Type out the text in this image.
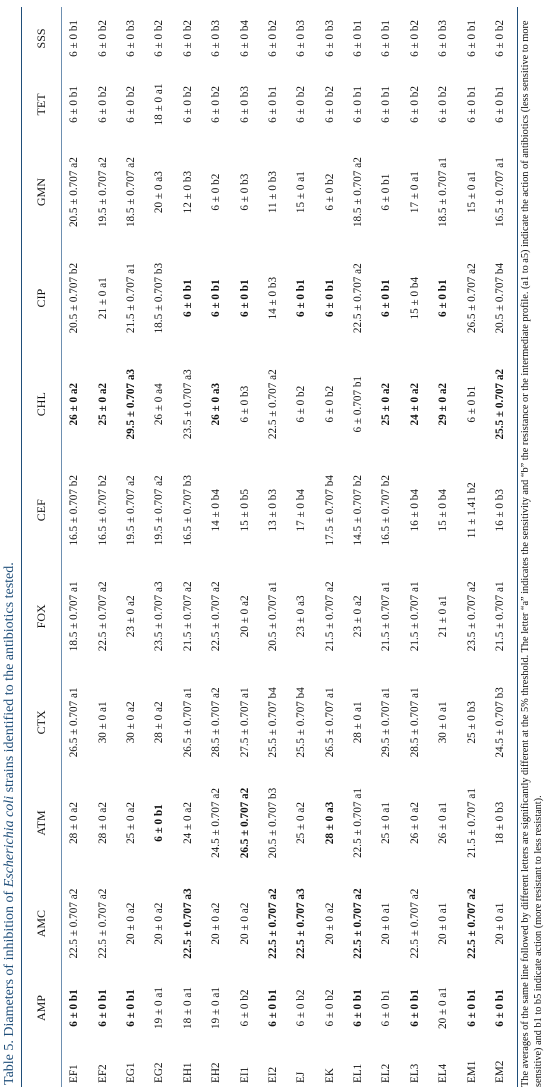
Table 5. Diameters of inhibition of Escherichia coli strains identified to the antibiotics tested.
	AMP	AMC	ATM	CTX	FOX	CEF	CHL	CIP	GMN	TET	SSS
EF1	6 ± 0 b1	22.5 ± 0.707 a2	28 ± 0 a2	26.5 ± 0.707 a1	18.5 ± 0.707 a1	16.5 ± 0.707 b2	26 ± 0 a2	20.5 ± 0.707 b2	20.5 ± 0.707 a2	6 ± 0 b1	6 ± 0 b1
EF2	6 ± 0 b1	22.5 ± 0.707 a2	28 ± 0 a2	30 ± 0 a1	22.5 ± 0.707 a2	16.5 ± 0.707 b2	25 ± 0 a2	21 ± 0 a1	19.5 ± 0.707 a2	6 ± 0 b2	6 ± 0 b2
EG1	6 ± 0 b1	20 ± 0 a2	25 ± 0 a2	30 ± 0 a2	23 ± 0 a2	19.5 ± 0.707 a2	29.5 ± 0.707 a3	21.5 ± 0.707 a1	18.5 ± 0.707 a2	6 ± 0 b2	6 ± 0 b3
EG2	19 ± 0 a1	20 ± 0 a2	6 ± 0 b1	28 ± 0 a2	23.5 ± 0.707 a3	19.5 ± 0.707 a2	26 ± 0 a4	18.5 ± 0.707 b3	20 ± 0 a3	18 ± 0 a1	6 ± 0 b2
EH1	18 ± 0 a1	22.5 ± 0.707 a3	24 ± 0 a2	26.5 ± 0.707 a1	21.5 ± 0.707 a2	16.5 ± 0.707 b3	23.5 ± 0.707 a3	6 ± 0 b1	12 ± 0 b3	6 ± 0 b2	6 ± 0 b2
EH2	19 ± 0 a1	20 ± 0 a2	24.5 ± 0.707 a2	28.5 ± 0.707 a2	22.5 ± 0.707 a2	14 ± 0 b4	26 ± 0 a3	6 ± 0 b1	6 ± 0 b2	6 ± 0 b2	6 ± 0 b3
EI1	6 ± 0 b2	20 ± 0 a2	26.5 ± 0.707 a2	27.5 ± 0.707 a1	20 ± 0 a2	15 ± 0 b5	6 ± 0 b3	6 ± 0 b1	6 ± 0 b3	6 ± 0 b3	6 ± 0 b4
EI2	6 ± 0 b1	22.5 ± 0.707 a2	20.5 ± 0.707 b3	25.5 ± 0.707 b4	20.5 ± 0.707 a1	13 ± 0 b3	22.5 ± 0.707 a2	14 ± 0 b3	11 ± 0 b3	6 ± 0 b1	6 ± 0 b2
EJ	6 ± 0 b2	22.5 ± 0.707 a3	25 ± 0 a2	25.5 ± 0.707 b4	23 ± 0 a3	17 ± 0 b4	6 ± 0 b2	6 ± 0 b1	15 ± 0 a1	6 ± 0 b2	6 ± 0 b3
EK	6 ± 0 b2	20 ± 0 a2	28 ± 0 a3	26.5 ± 0.707 a1	21.5 ± 0.707 a2	17.5 ± 0.707 b4	6 ± 0 b2	6 ± 0 b1	6 ± 0 b2	6 ± 0 b2	6 ± 0 b3
EL1	6 ± 0 b1	22.5 ± 0.707 a2	22.5 ± 0.707 a1	28 ± 0 a1	23 ± 0 a2	14.5 ± 0.707 b2	6 ± 0.707 b1	22.5 ± 0.707 a2	18.5 ± 0.707 a2	6 ± 0 b1	6 ± 0 b1
EL2	6 ± 0 b1	20 ± 0 a1	25 ± 0 a1	29.5 ± 0.707 a1	21.5 ± 0.707 a1	16.5 ± 0.707 b2	25 ± 0 a2	6 ± 0 b1	6 ± 0 b1	6 ± 0 b1	6 ± 0 b1
EL3	6 ± 0 b1	22.5 ± 0.707 a2	26 ± 0 a2	28.5 ± 0.707 a1	21.5 ± 0.707 a1	16 ± 0 b4	24 ± 0 a2	15 ± 0 b4	17 ± 0 a1	6 ± 0 b2	6 ± 0 b2
EL4	20 ± 0 a1	20 ± 0 a1	26 ± 0 a1	30 ± 0 a1	21 ± 0 a1	15 ± 0 b4	29 ± 0 a2	6 ± 0 b1	18.5 ± 0.707 a1	6 ± 0 b2	6 ± 0 b3
EM1	6 ± 0 b1	22.5 ± 0.707 a2	21.5 ± 0.707 a1	25 ± 0 b3	23.5 ± 0.707 a2	11 ± 1.41 b2	6 ± 0 b1	26.5 ± 0.707 a2	15 ± 0 a1	6 ± 0 b1	6 ± 0 b1
EM2	6 ± 0 b1	20 ± 0 a1	18 ± 0 b3	24.5 ± 0.707 b3	21.5 ± 0.707 a1	16 ± 0 b3	25.5 ± 0.707 a2	20.5 ± 0.707 b4	16.5 ± 0.707 a1	6 ± 0 b1	6 ± 0 b2 The averages of the same line followed by different letters are significantly different at the 5% threshold. The letter “a” indicates the sensitivity and “b” the resistance or the intermediate profile. (a1 to a5) indicate the action of antibiotics (less sensitive to more sensitive) and b1 to b5 indicate action (more resistant to less resistant).
